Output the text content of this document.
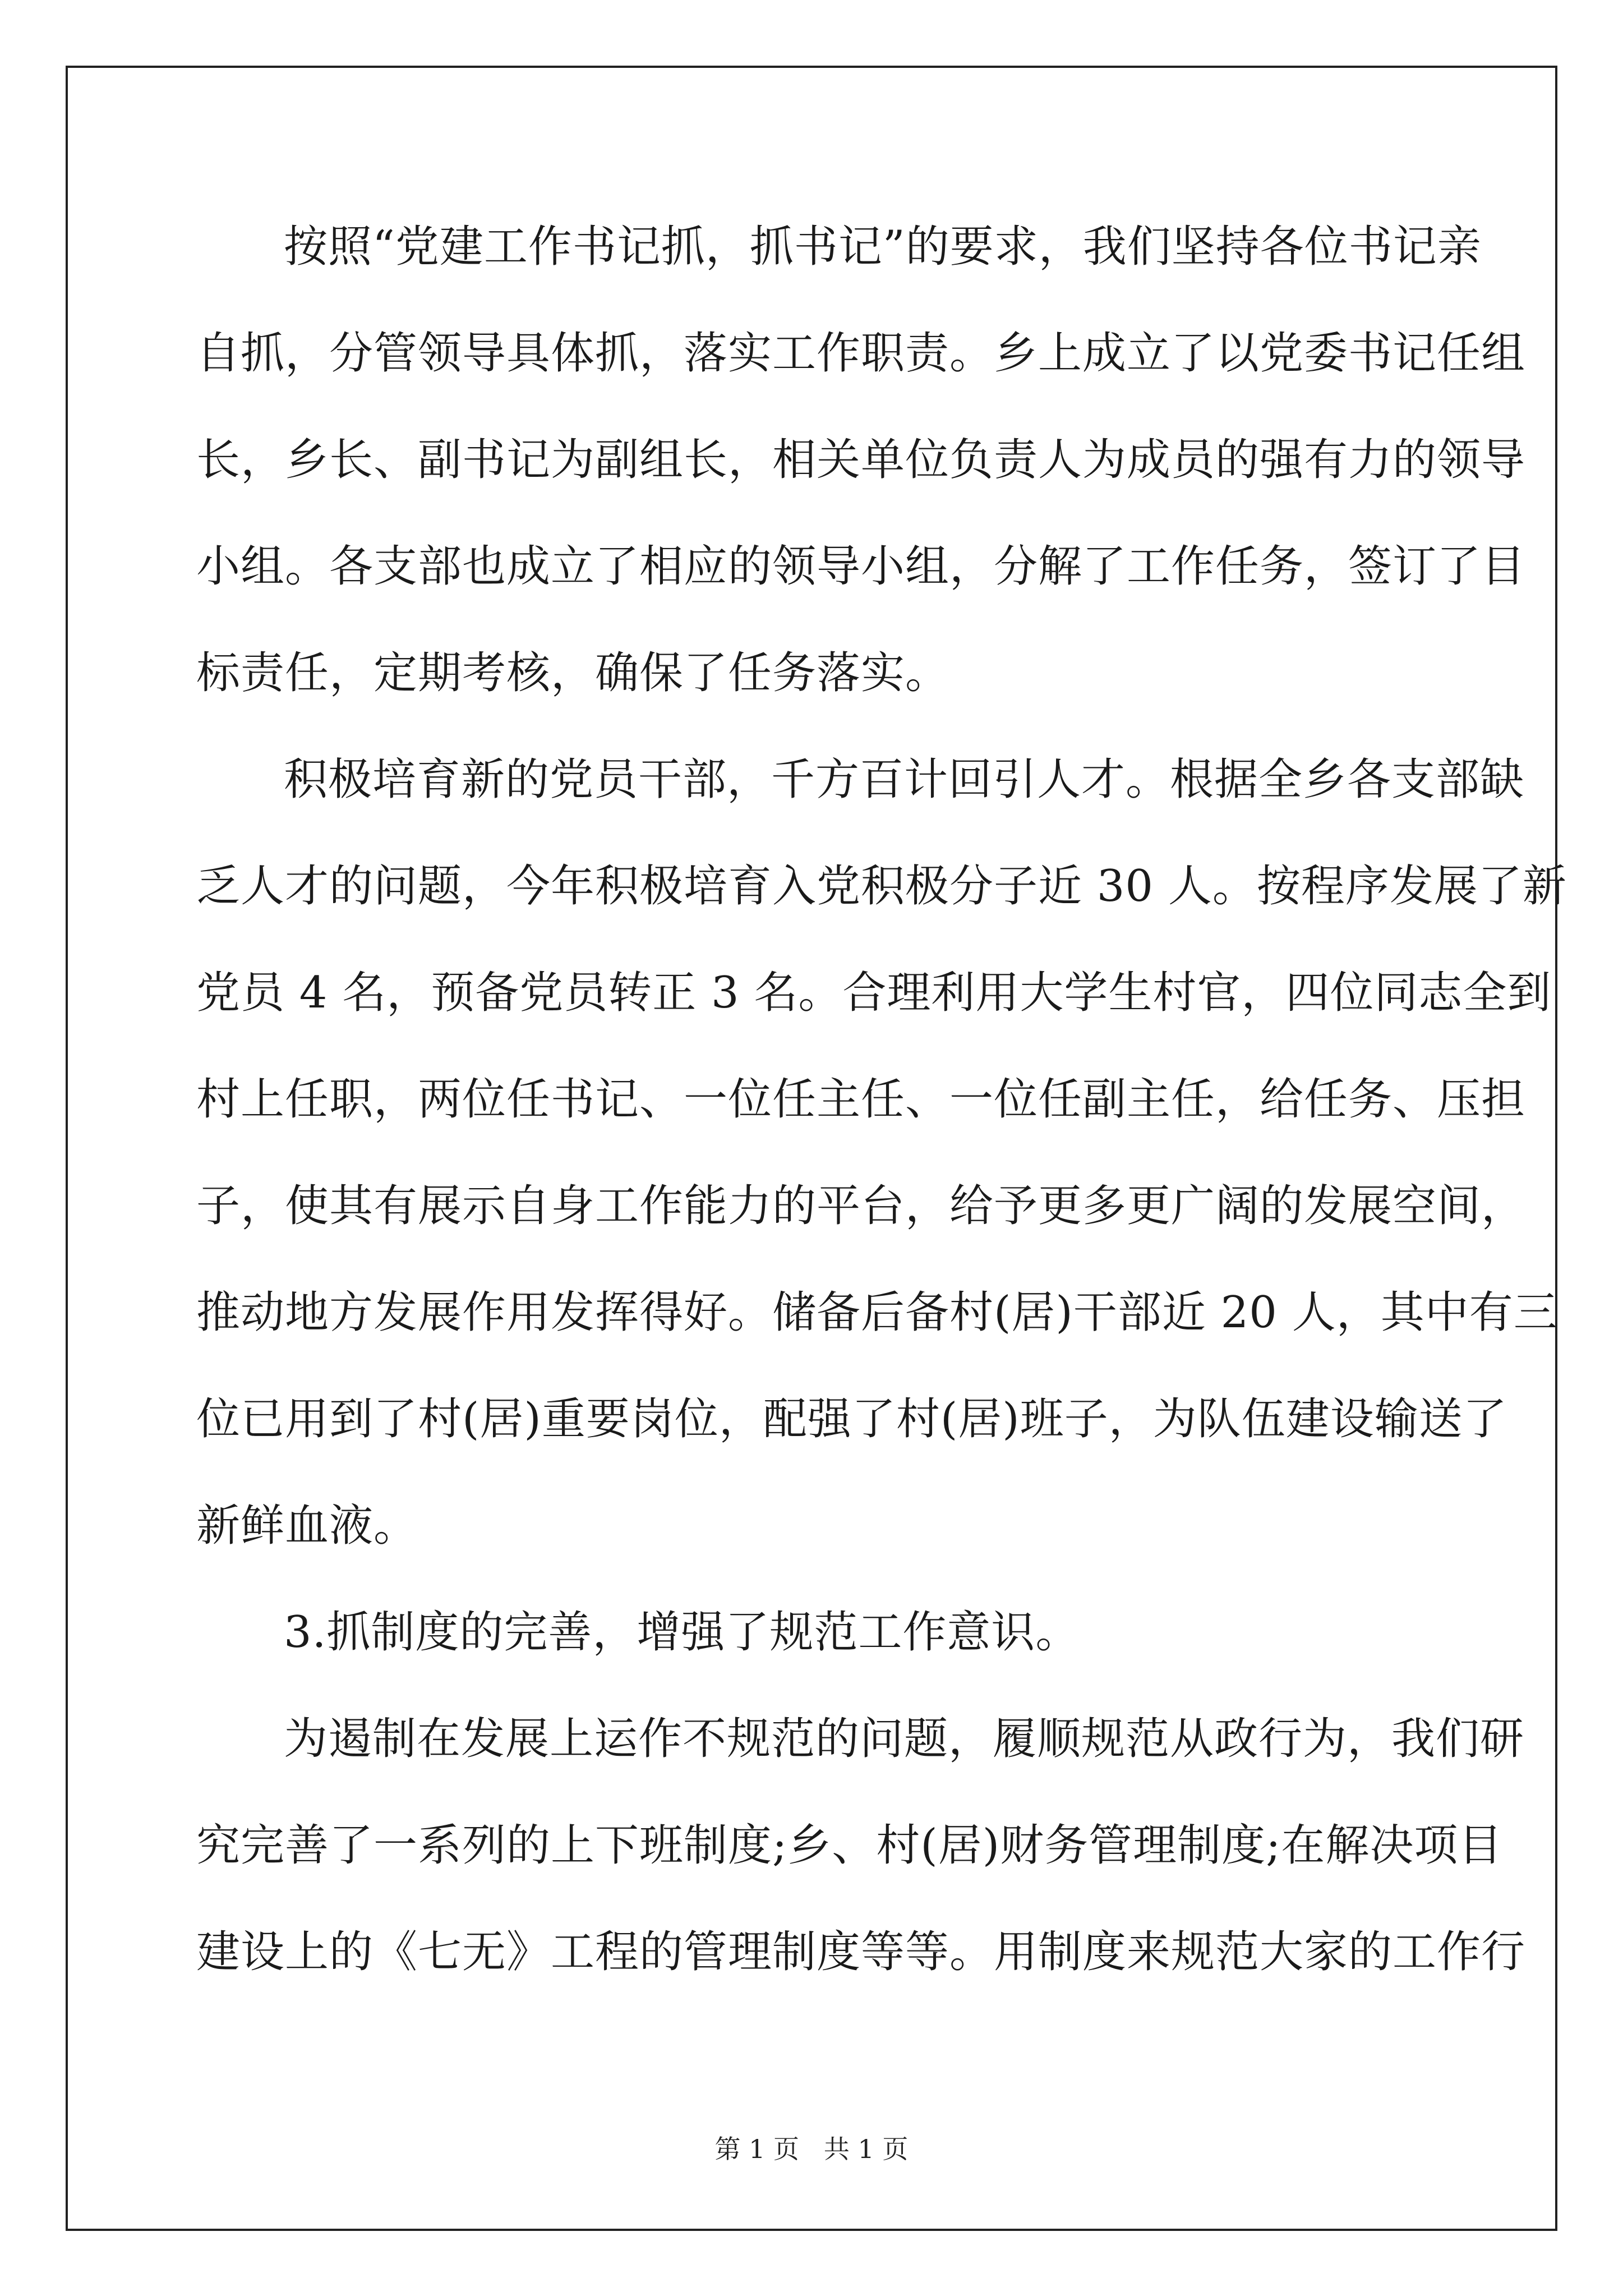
按照“党建工作书记抓，抓书记”的要求，我们坚持各位书记亲
自抓，分管领导具体抓，落实工作职责。乡上成立了以党委书记任组
长，乡长、副书记为副组长，相关单位负责人为成员的强有力的领导
小组。各支部也成立了相应的领导小组，分解了工作任务，签订了目
标责任，定期考核，确保了任务落实。
积极培育新的党员干部，千方百计回引人才。根据全乡各支部缺
乏人才的问题，今年积极培育入党积极分子近 30 人。按程序发展了新
党员 4 名，预备党员转正 3 名。合理利用大学生村官，四位同志全到
村上任职，两位任书记、一位任主任、一位任副主任，给任务、压担
子，使其有展示自身工作能力的平台，给予更多更广阔的发展空间，
推动地方发展作用发挥得好。储备后备村(居)干部近 20 人，其中有三
位已用到了村(居)重要岗位，配强了村(居)班子，为队伍建设输送了
新鲜血液。
3.抓制度的完善，增强了规范工作意识。
为遏制在发展上运作不规范的问题，履顺规范从政行为，我们研
究完善了一系列的上下班制度;乡、村(居)财务管理制度;在解决项目
建设上的《七无》工程的管理制度等等。用制度来规范大家的工作行
第 1 页   共 1 页
